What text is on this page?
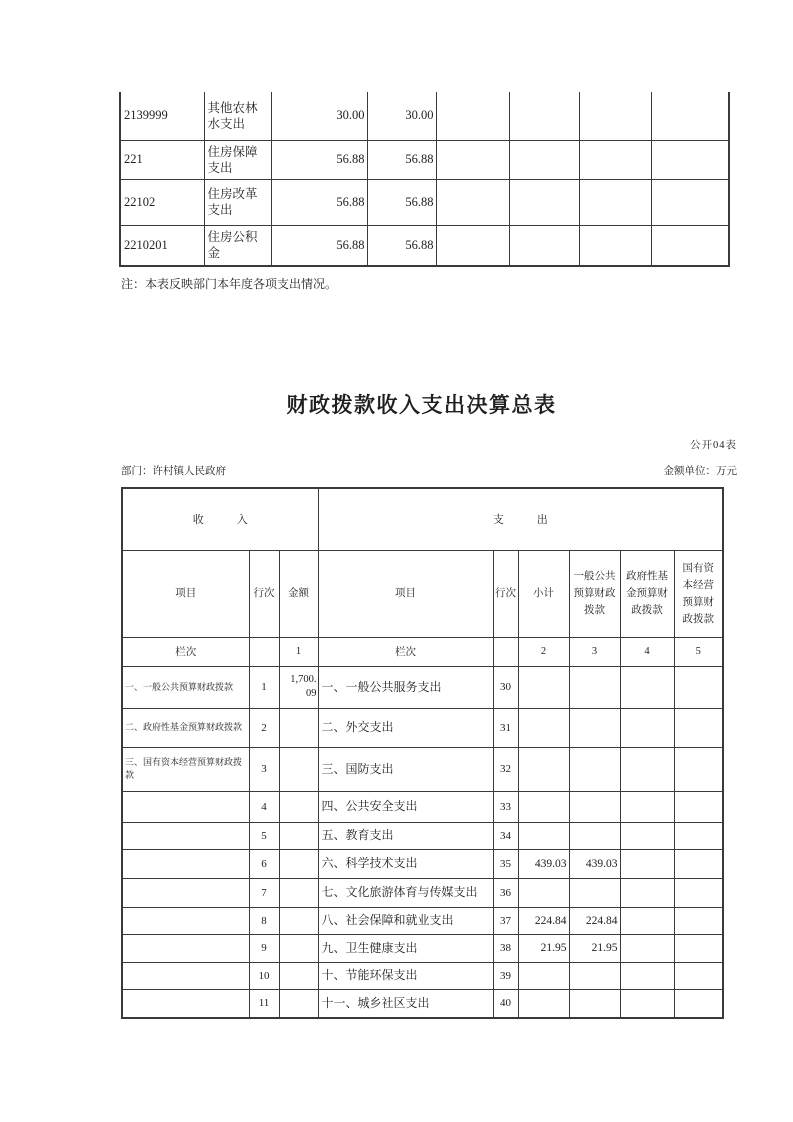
2139999	其他农林水支出	30.00	30.00				
221	住房保障支出	56.88	56.88				
22102	住房改革支出	56.88	56.88				
2210201	住房公积金	56.88	56.88				
注：本表反映部门本年度各项支出情况。
财政拨款收入支出决算总表
公开04表
部门：许村镇人民政府	金额单位：万元
收入			支出					
项目	行次	金额	项目	行次	小计	一般公共预算财政拨款	政府性基金预算财政拨款	国有资本经营预算财政拨款

栏次		1	栏次		2	3	4	5
一、一般公共预算财政拨款	1	1,700.09	一、一般公共服务支出	30				
二、政府性基金预算财政拨款	2		二、外交支出	31				
三、国有资本经营预算财政拨款	3		三、国防支出	32				
	4		四、公共安全支出	33				
	5		五、教育支出	34				
	6		六、科学技术支出	35	439.03	439.03		
	7		七、文化旅游体育与传媒支出	36				
	8		八、社会保障和就业支出	37	224.84	224.84		
	9		九、卫生健康支出	38	21.95	21.95		
	10		十、节能环保支出	39				
	11		十一、城乡社区支出	40				
